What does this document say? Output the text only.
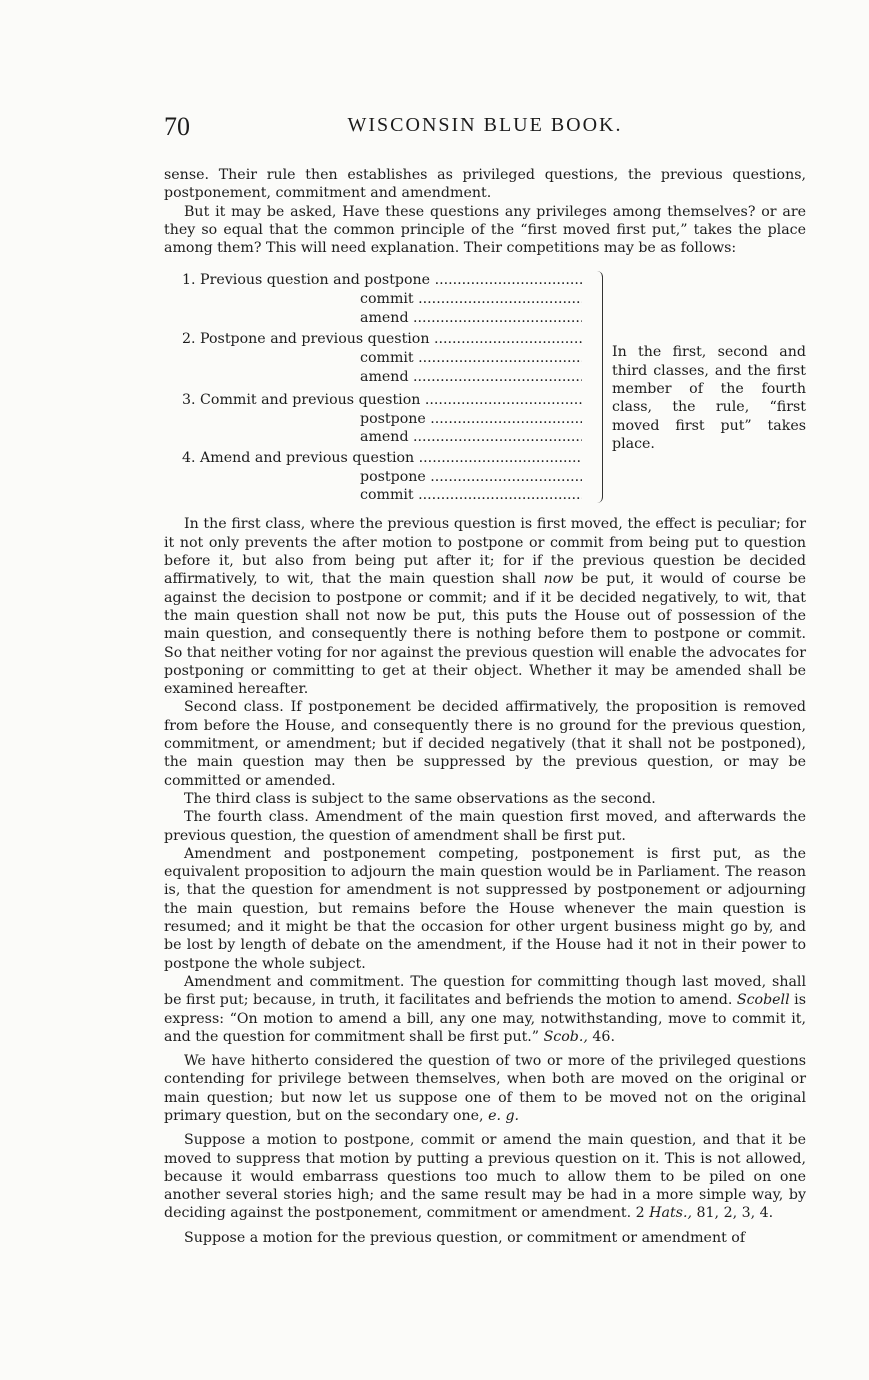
70	WISCONSIN BLUE BOOK.

sense. Their rule then establishes as privileged questions, the previous questions, postponement, commitment and amendment.

But it may be asked, Have these questions any privileges among themselves? or are they so equal that the common principle of the “first moved first put,” takes the place among them? This will need explanation. Their competitions may be as follows:

1. Previous question and postpone .....
commit .....
amend .....
2. Postpone and previous question .....
commit .....
amend .....
3. Commit and previous question .....
postpone .....
amend .....
4. Amend and previous question .....
postpone .....
commit .....
In the first, second and third classes, and the first member of the fourth class, the rule, “first moved first put” takes place.

In the first class, where the previous question is first moved, the effect is peculiar; for it not only prevents the after motion to postpone or commit from being put to question before it, but also from being put after it; for if the previous question be decided affirmatively, to wit, that the main question shall now be put, it would of course be against the decision to postpone or commit; and if it be decided negatively, to wit, that the main question shall not now be put, this puts the House out of possession of the main question, and consequently there is nothing before them to postpone or commit. So that neither voting for nor against the previous question will enable the advocates for postponing or committing to get at their object. Whether it may be amended shall be examined hereafter.

Second class. If postponement be decided affirmatively, the proposition is removed from before the House, and consequently there is no ground for the previous question, commitment, or amendment; but if decided negatively (that it shall not be postponed), the main question may then be suppressed by the previous question, or may be committed or amended.

The third class is subject to the same observations as the second.

The fourth class. Amendment of the main question first moved, and afterwards the previous question, the question of amendment shall be first put.

Amendment and postponement competing, postponement is first put, as the equivalent proposition to adjourn the main question would be in Parliament. The reason is, that the question for amendment is not suppressed by postponement or adjourning the main question, but remains before the House whenever the main question is resumed; and it might be that the occasion for other urgent business might go by, and be lost by length of debate on the amendment, if the House had it not in their power to postpone the whole subject.

Amendment and commitment. The question for committing though last moved, shall be first put; because, in truth, it facilitates and befriends the motion to amend. Scobell is express: “On motion to amend a bill, any one may, notwithstanding, move to commit it, and the question for commitment shall be first put.” Scob., 46.

We have hitherto considered the question of two or more of the privileged questions contending for privilege between themselves, when both are moved on the original or main question; but now let us suppose one of them to be moved not on the original primary question, but on the secondary one, e. g.

Suppose a motion to postpone, commit or amend the main question, and that it be moved to suppress that motion by putting a previous question on it. This is not allowed, because it would embarrass questions too much to allow them to be piled on one another several stories high; and the same result may be had in a more simple way, by deciding against the postponement, commitment or amendment. 2 Hats., 81, 2, 3, 4.

Suppose a motion for the previous question, or commitment or amendment of
